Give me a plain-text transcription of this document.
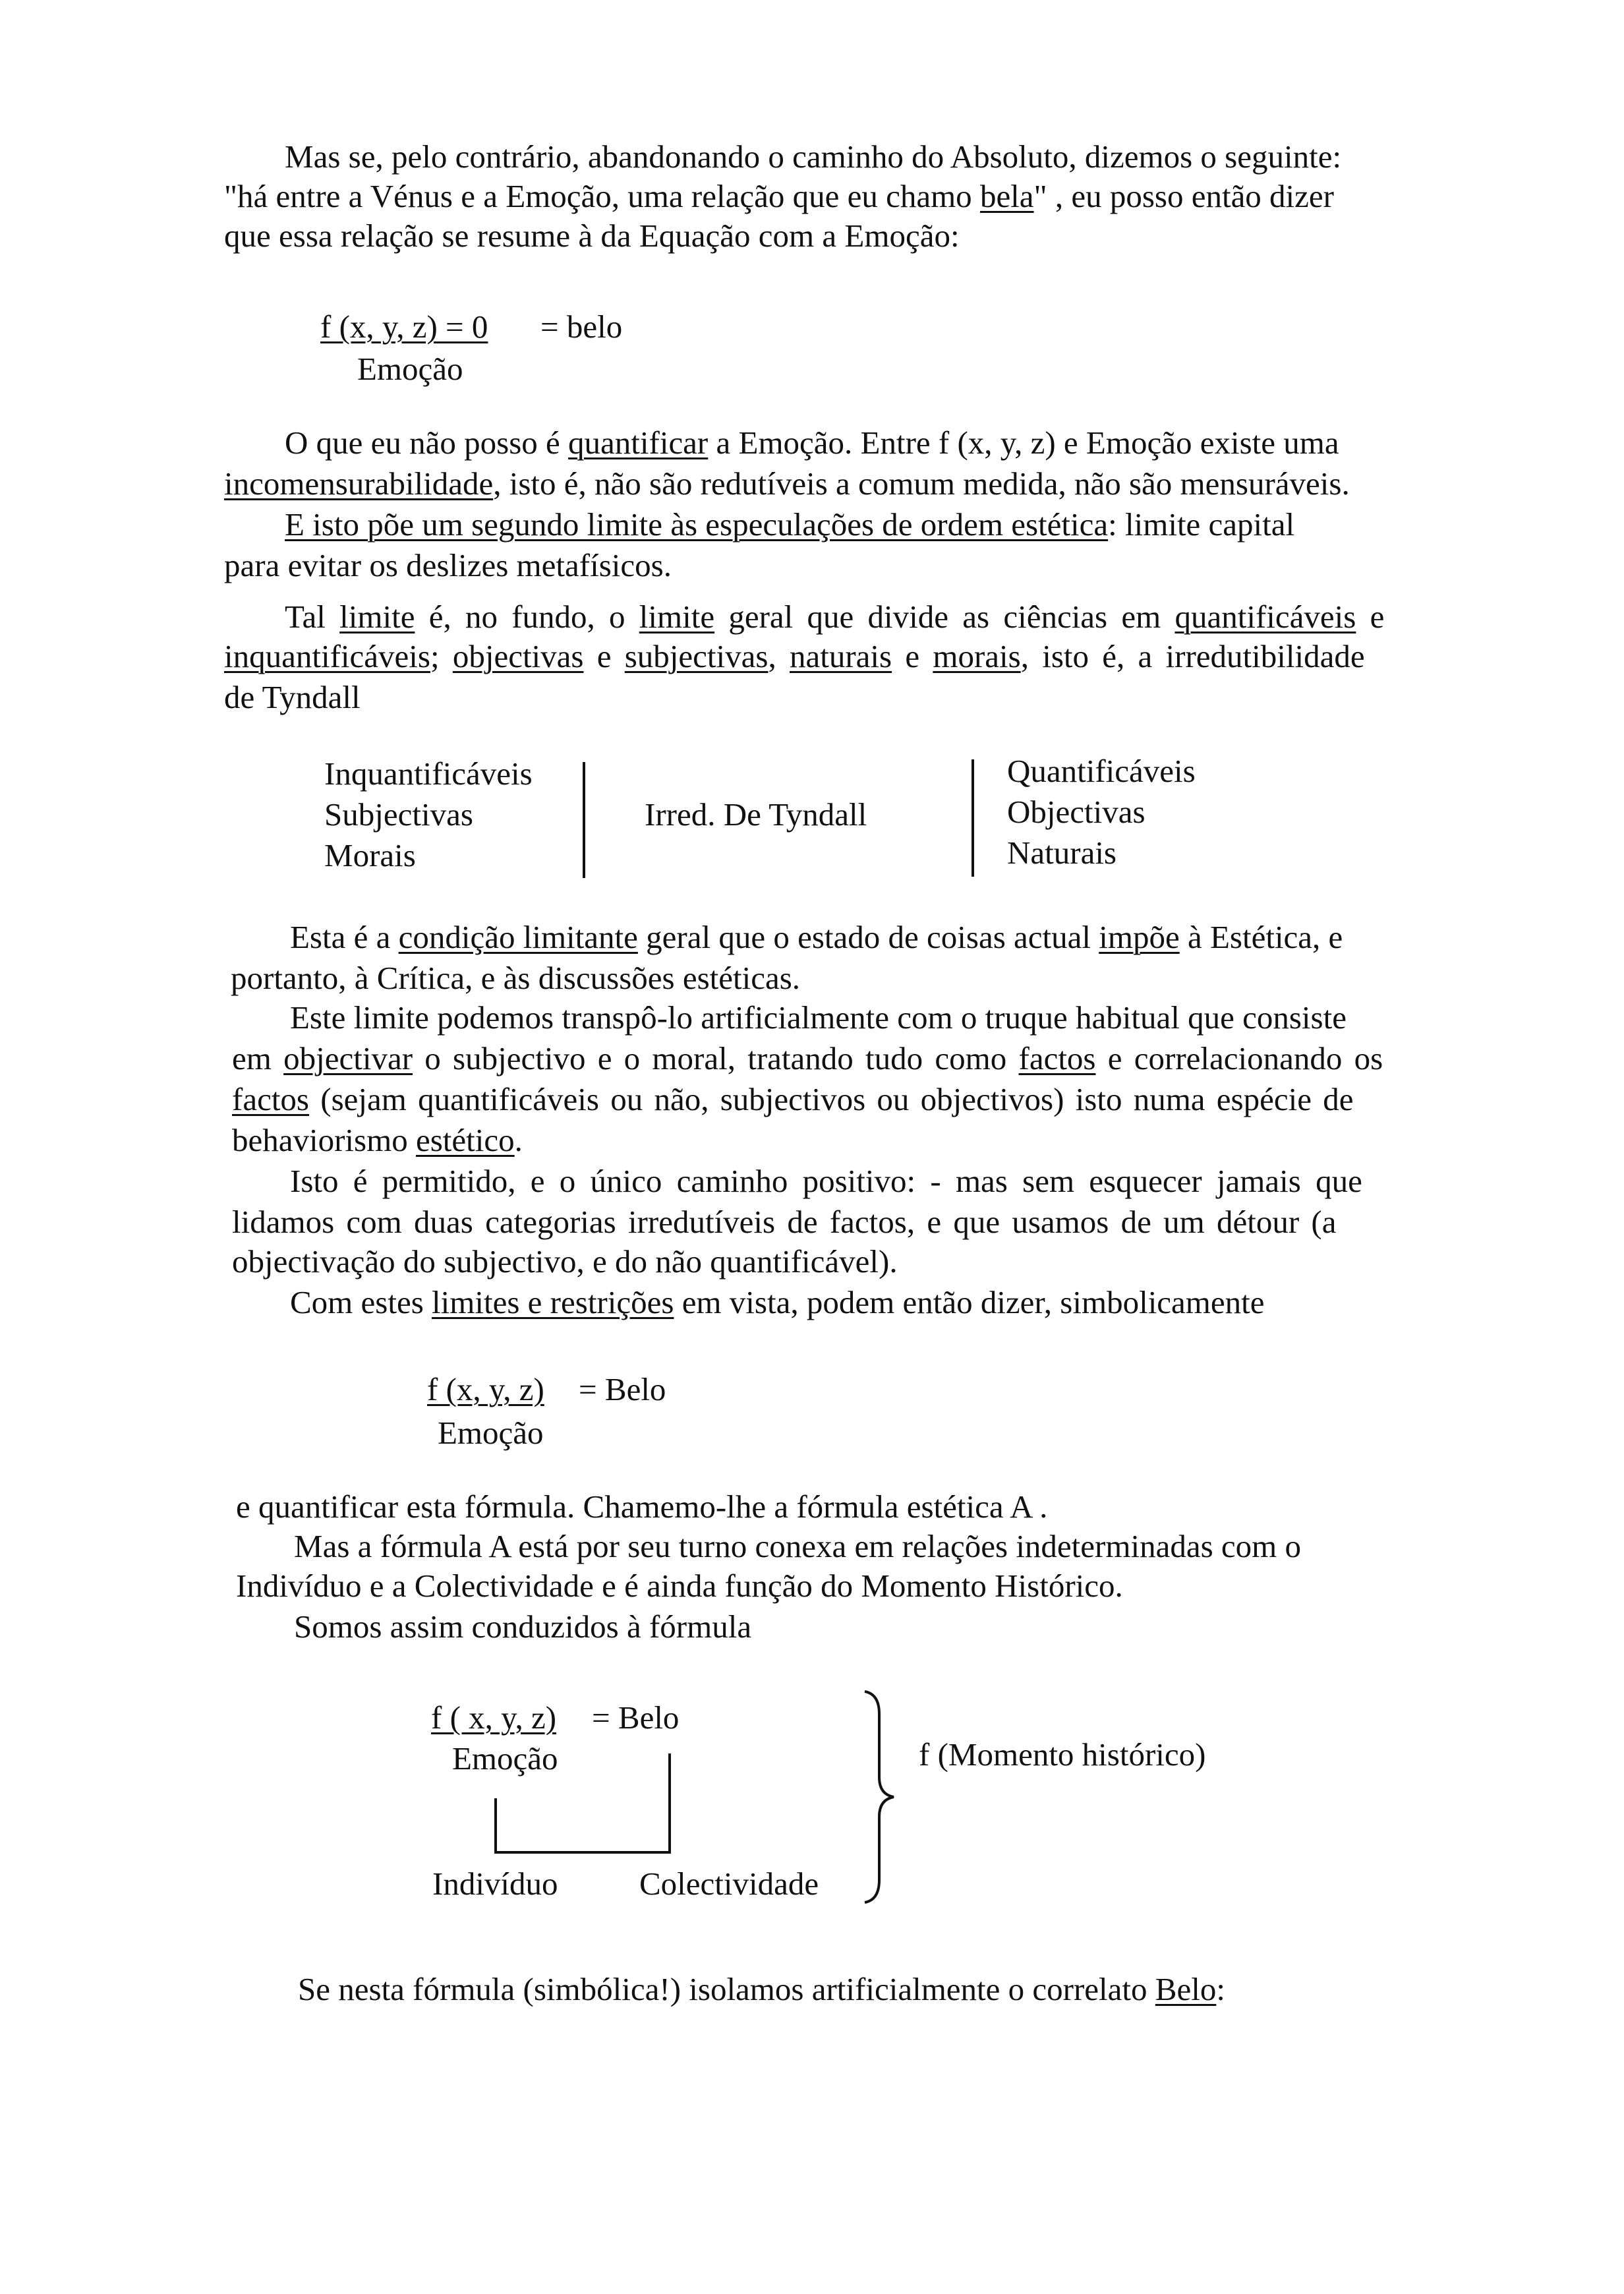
Mas se, pelo contrário, abandonando o caminho do Absoluto, dizemos o seguinte:
"há entre a Vénus e a Emoção, uma relação que eu chamo bela" , eu posso então dizer
que essa relação se resume à da Equação com a Emoção:
f (x, y, z) = 0 = belo
Emoção
O que eu não posso é quantificar a Emoção. Entre f (x, y, z) e Emoção existe uma
incomensurabilidade, isto é, não são redutíveis a comum medida, não são mensuráveis.
E isto põe um segundo limite às especulações de ordem estética: limite capital
para evitar os deslizes metafísicos.
Tal limite é, no fundo, o limite geral que divide as ciências em quantificáveis e
inquantificáveis; objectivas e subjectivas, naturais e morais, isto é, a irredutibilidade
de Tyndall
Inquantificáveis
Subjectivas
Morais
Irred. De Tyndall
Quantificáveis
Objectivas
Naturais
Esta é a condição limitante geral que o estado de coisas actual impõe à Estética, e
portanto, à Crítica, e às discussões estéticas.
Este limite podemos transpô-lo artificialmente com o truque habitual que consiste
em objectivar o subjectivo e o moral, tratando tudo como factos e correlacionando os
factos (sejam quantificáveis ou não, subjectivos ou objectivos) isto numa espécie de
behaviorismo estético.
Isto é permitido, e o único caminho positivo: - mas sem esquecer jamais que
lidamos com duas categorias irredutíveis de factos, e que usamos de um détour (a
objectivação do subjectivo, e do não quantificável).
Com estes limites e restrições em vista, podem então dizer, simbolicamente
f (x, y, z) = Belo
Emoção
e quantificar esta fórmula. Chamemo-lhe a fórmula estética A .
Mas a fórmula A está por seu turno conexa em relações indeterminadas com o
Indivíduo e a Colectividade e é ainda função do Momento Histórico.
Somos assim conduzidos à fórmula
f ( x, y, z) = Belo
Emoção
Indivíduo	Colectividade
f (Momento histórico)
Se nesta fórmula (simbólica!) isolamos artificialmente o correlato Belo:
